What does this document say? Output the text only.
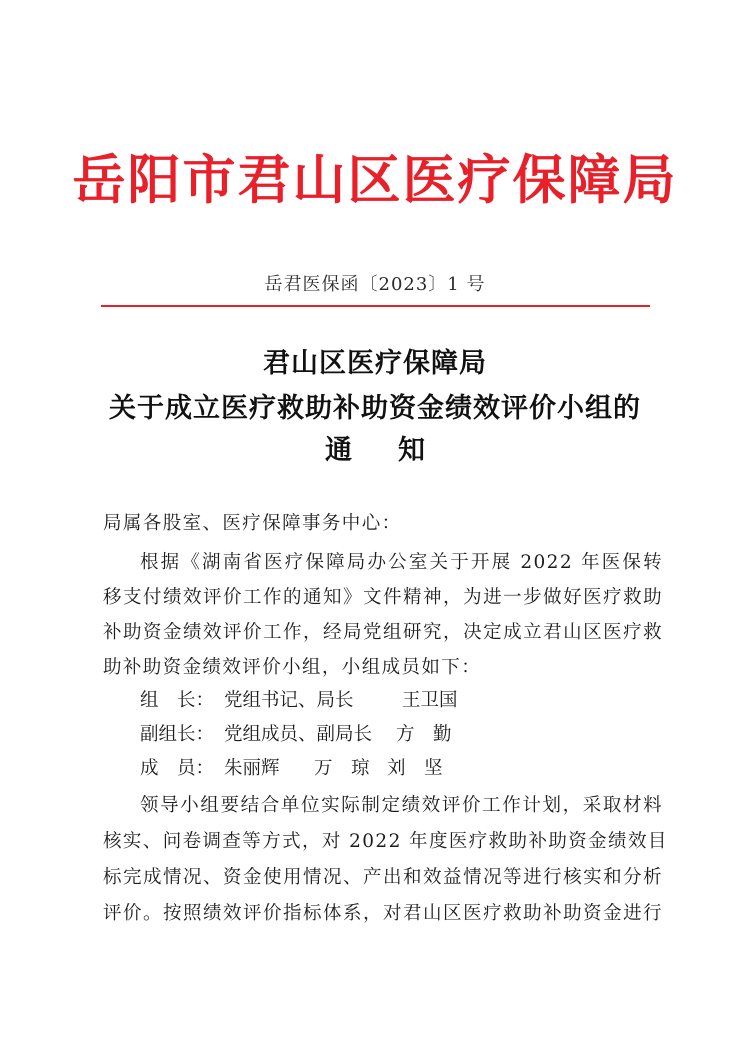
岳阳市君山区医疗保障局
岳君医保函〔2023〕1 号
君山区医疗保障局
关于成立医疗救助补助资金绩效评价小组的
通 知
局属各股室、医疗保障事务中心：
根据《湖南省医疗保障局办公室关于开展 2022 年医保转
移支付绩效评价工作的通知》文件精神，为进一步做好医疗救助
补助资金绩效评价工作，经局党组研究，决定成立君山区医疗救
助补助资金绩效评价小组，小组成员如下：
组　长： 党组书记、局长	王卫国
副组长： 党组成员、副局长 方　勤
成　员： 朱丽辉 万　琼 刘　坚
领导小组要结合单位实际制定绩效评价工作计划，采取材料
核实、问卷调查等方式，对 2022 年度医疗救助补助资金绩效目
标完成情况、资金使用情况、产出和效益情况等进行核实和分析
评价。按照绩效评价指标体系，对君山区医疗救助补助资金进行
